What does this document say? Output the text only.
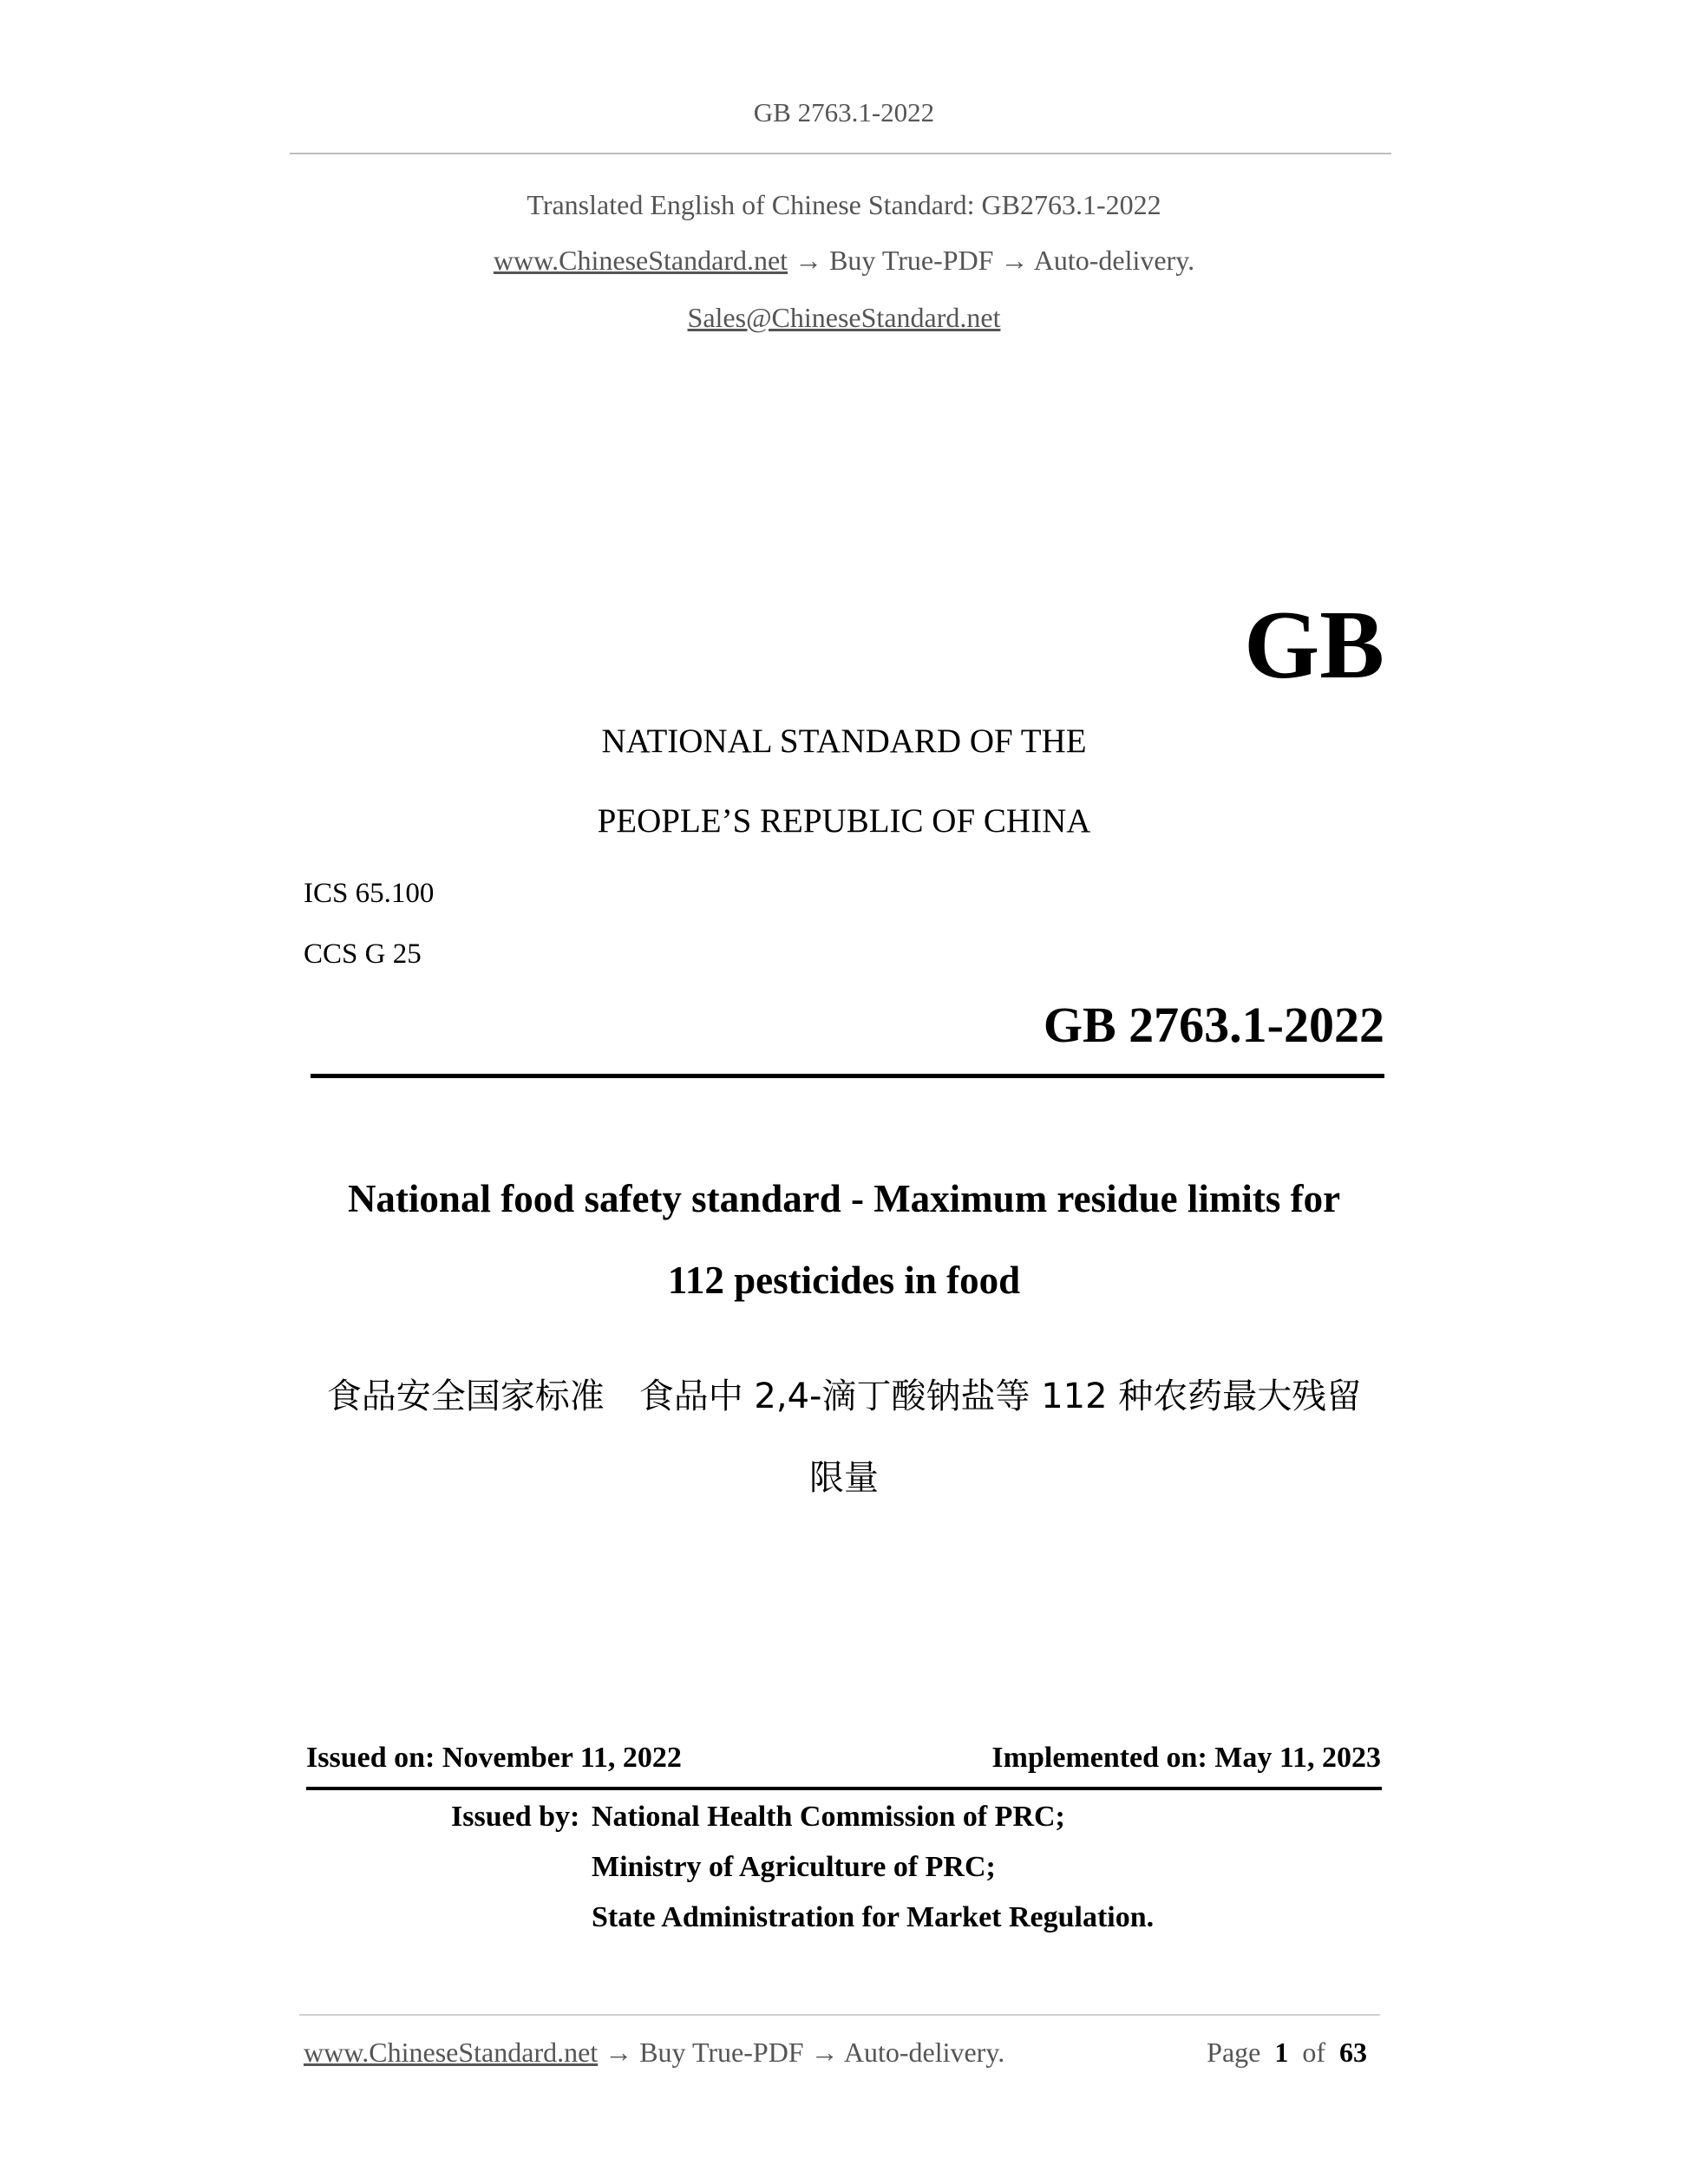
GB 2763.1-2022
Translated English of Chinese Standard: GB2763.1-2022
www.ChineseStandard.net → Buy True-PDF → Auto-delivery.
Sales@ChineseStandard.net
GB
NATIONAL STANDARD OF THE
PEOPLE’S REPUBLIC OF CHINA
ICS 65.100
CCS G 25
GB 2763.1-2022
National food safety standard - Maximum residue limits for
112 pesticides in food
食品安全国家标准　食品中 2,4-滴丁酸钠盐等 112 种农药最大残留
限量
Issued on: November 11, 2022	Implemented on: May 11, 2023
Issued by: National Health Commission of PRC;
Ministry of Agriculture of PRC;
State Administration for Market Regulation.
www.ChineseStandard.net → Buy True-PDF → Auto-delivery.	Page 1 of 63
